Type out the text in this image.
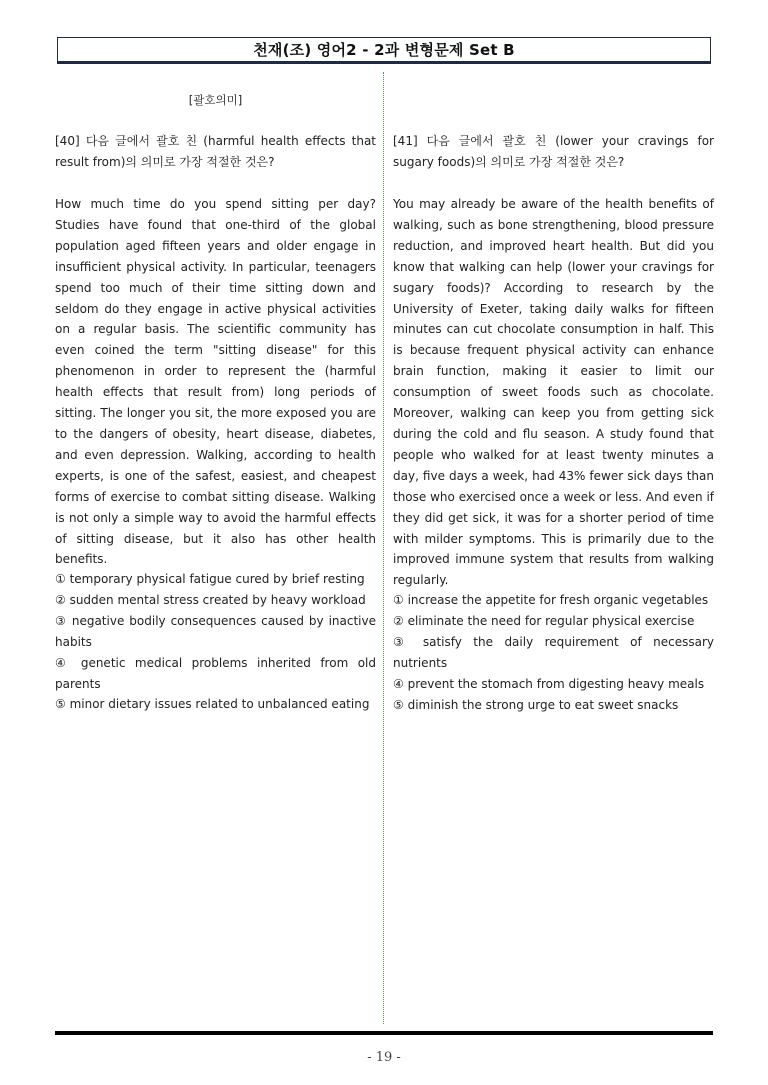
천재(조) 영어2 - 2과 변형문제 Set B
[괄호의미]
[40] 다음 글에서 괄호 친 (harmful health effects that result from)의 의미로 가장 적절한 것은?
How much time do you spend sitting per day? Studies have found that one-third of the global population aged fifteen years and older engage in insufficient physical activity. In particular, teenagers spend too much of their time sitting down and seldom do they engage in active physical activities on a regular basis. The scientific community has even coined the term "sitting disease" for this phenomenon in order to represent the (harmful health effects that result from) long periods of sitting. The longer you sit, the more exposed you are to the dangers of obesity, heart disease, diabetes, and even depression. Walking, according to health experts, is one of the safest, easiest, and cheapest forms of exercise to combat sitting disease. Walking is not only a simple way to avoid the harmful effects of sitting disease, but it also has other health benefits.

① temporary physical fatigue cured by brief resting

② sudden mental stress created by heavy workload

③ negative bodily consequences caused by inactive habits

④ genetic medical problems inherited from old parents

⑤ minor dietary issues related to unbalanced eating

[41] 다음 글에서 괄호 친 (lower your cravings for sugary foods)의 의미로 가장 적절한 것은?
You may already be aware of the health benefits of walking, such as bone strengthening, blood pressure reduction, and improved heart health. But did you know that walking can help (lower your cravings for sugary foods)? According to research by the University of Exeter, taking daily walks for fifteen minutes can cut chocolate consumption in half. This is because frequent physical activity can enhance brain function, making it easier to limit our consumption of sweet foods such as chocolate. Moreover, walking can keep you from getting sick during the cold and flu season. A study found that people who walked for at least twenty minutes a day, five days a week, had 43% fewer sick days than those who exercised once a week or less. And even if they did get sick, it was for a shorter period of time with milder symptoms. This is primarily due to the improved immune system that results from walking regularly.

① increase the appetite for fresh organic vegetables

② eliminate the need for regular physical exercise

③ satisfy the daily requirement of necessary nutrients

④ prevent the stomach from digesting heavy meals

⑤ diminish the strong urge to eat sweet snacks

- 19 -
